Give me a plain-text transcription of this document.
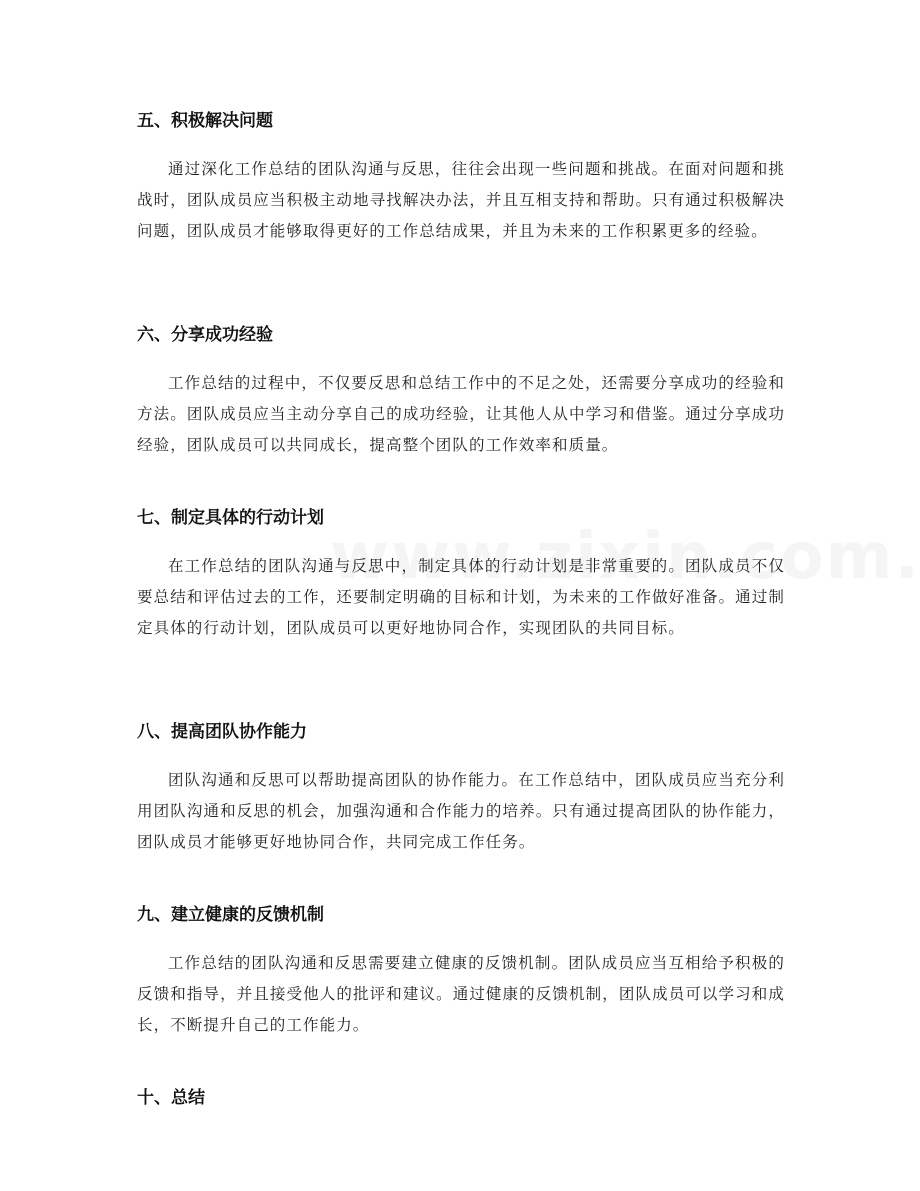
五、积极解决问题

通过深化工作总结的团队沟通与反思，往往会出现一些问题和挑战。在面对问题和挑战时，团队成员应当积极主动地寻找解决办法，并且互相支持和帮助。只有通过积极解决问题，团队成员才能够取得更好的工作总结成果，并且为未来的工作积累更多的经验。

六、分享成功经验

工作总结的过程中，不仅要反思和总结工作中的不足之处，还需要分享成功的经验和方法。团队成员应当主动分享自己的成功经验，让其他人从中学习和借鉴。通过分享成功经验，团队成员可以共同成长，提高整个团队的工作效率和质量。

七、制定具体的行动计划

在工作总结的团队沟通与反思中，制定具体的行动计划是非常重要的。团队成员不仅要总结和评估过去的工作，还要制定明确的目标和计划，为未来的工作做好准备。通过制定具体的行动计划，团队成员可以更好地协同合作，实现团队的共同目标。

八、提高团队协作能力

团队沟通和反思可以帮助提高团队的协作能力。在工作总结中，团队成员应当充分利用团队沟通和反思的机会，加强沟通和合作能力的培养。只有通过提高团队的协作能力，团队成员才能够更好地协同合作，共同完成工作任务。

九、建立健康的反馈机制

工作总结的团队沟通和反思需要建立健康的反馈机制。团队成员应当互相给予积极的反馈和指导，并且接受他人的批评和建议。通过健康的反馈机制，团队成员可以学习和成长，不断提升自己的工作能力。

十、总结
